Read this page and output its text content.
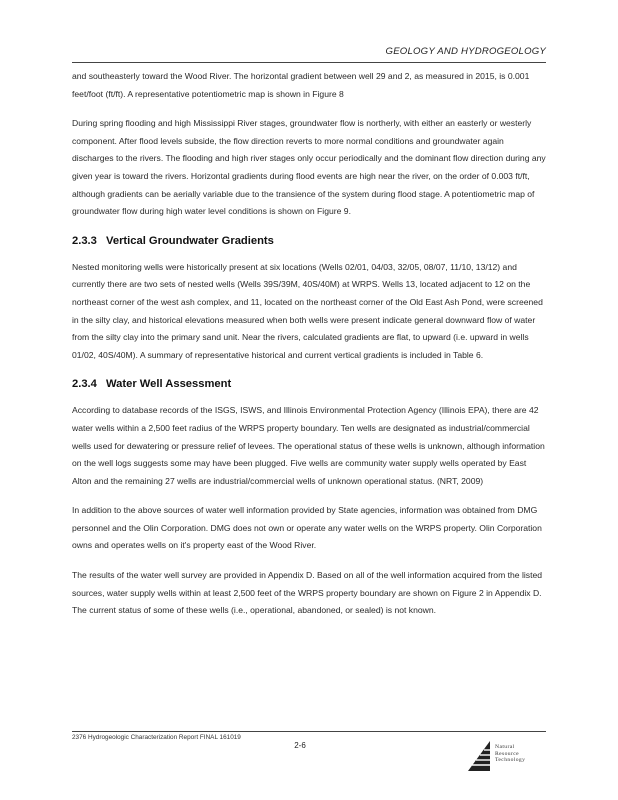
GEOLOGY AND HYDROGEOLOGY

and southeasterly toward the Wood River. The horizontal gradient between well 29 and 2, as measured in 2015, is 0.001 feet/foot (ft/ft). A representative potentiometric map is shown in Figure 8

During spring flooding and high Mississippi River stages, groundwater flow is northerly, with either an easterly or westerly component. After flood levels subside, the flow direction reverts to more normal conditions and groundwater again discharges to the rivers. The flooding and high river stages only occur periodically and the dominant flow direction during any given year is toward the rivers. Horizontal gradients during flood events are high near the river, on the order of 0.003 ft/ft, although gradients can be aerially variable due to the transience of the system during flood stage. A potentiometric map of groundwater flow during high water level conditions is shown on Figure 9.

2.3.3 Vertical Groundwater Gradients

Nested monitoring wells were historically present at six locations (Wells 02/01, 04/03, 32/05, 08/07, 11/10, 13/12) and currently there are two sets of nested wells (Wells 39S/39M, 40S/40M) at WRPS. Wells 13, located adjacent to 12 on the northeast corner of the west ash complex, and 11, located on the northeast corner of the Old East Ash Pond, were screened in the silty clay, and historical elevations measured when both wells were present indicate general downward flow of water from the silty clay into the primary sand unit. Near the rivers, calculated gradients are flat, to upward (i.e. upward in wells 01/02, 40S/40M). A summary of representative historical and current vertical gradients is included in Table 6.

2.3.4 Water Well Assessment

According to database records of the ISGS, ISWS, and Illinois Environmental Protection Agency (Illinois EPA), there are 42 water wells within a 2,500 feet radius of the WRPS property boundary. Ten wells are designated as industrial/commercial wells used for dewatering or pressure relief of levees. The operational status of these wells is unknown, although information on the well logs suggests some may have been plugged. Five wells are community water supply wells operated by East Alton and the remaining 27 wells are industrial/commercial wells of unknown operational status. (NRT, 2009)

In addition to the above sources of water well information provided by State agencies, information was obtained from DMG personnel and the Olin Corporation. DMG does not own or operate any water wells on the WRPS property. Olin Corporation owns and operates wells on it's property east of the Wood River.

The results of the water well survey are provided in Appendix D. Based on all of the well information acquired from the listed sources, water supply wells within at least 2,500 feet of the WRPS property boundary are shown on Figure 2 in Appendix D. The current status of some of these wells (i.e., operational, abandoned, or sealed) is not known.

2376 Hydrogeologic Characterization Report FINAL 161019
2-6	Natural
Resource
Technology
